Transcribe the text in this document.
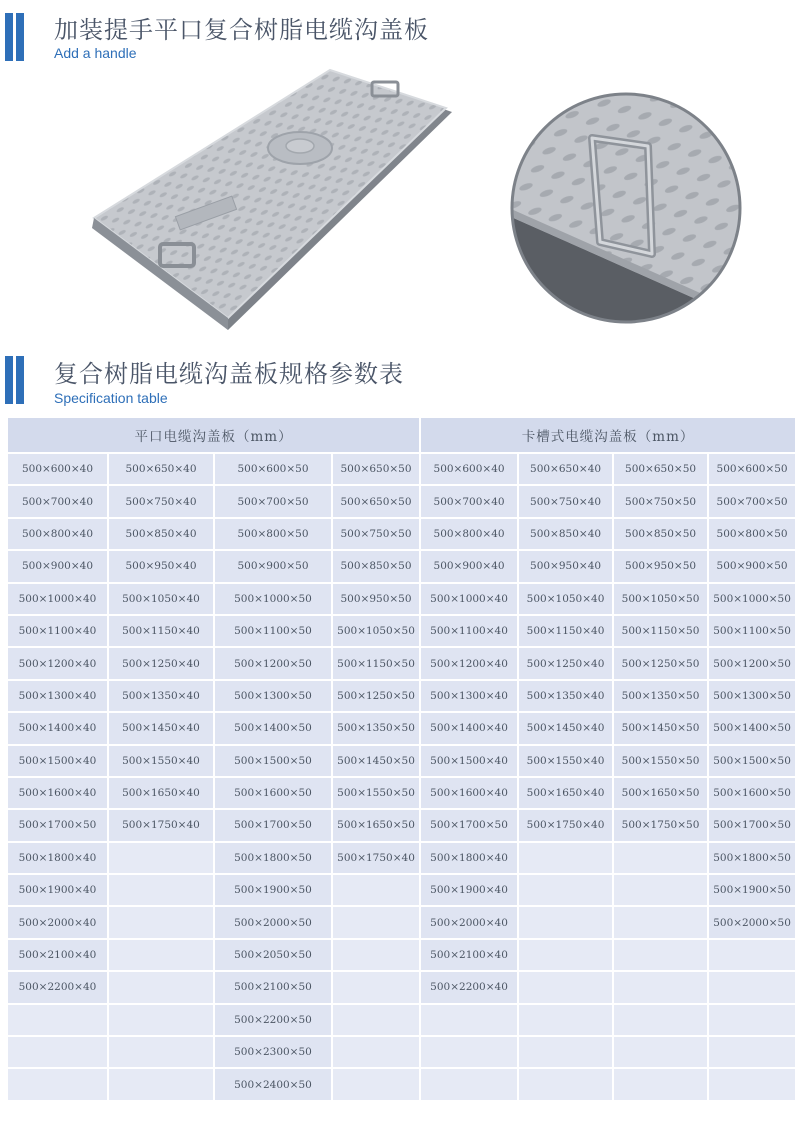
加装提手平口复合树脂电缆沟盖板
Add a handle
复合树脂电缆沟盖板规格参数表
Specification table
平口电缆沟盖板（mm）				卡槽式电缆沟盖板（mm）			
500×600×40	500×650×40	500×600×50	500×650×50	500×600×40	500×650×40	500×650×50	500×600×50
500×700×40	500×750×40	500×700×50	500×650×50	500×700×40	500×750×40	500×750×50	500×700×50
500×800×40	500×850×40	500×800×50	500×750×50	500×800×40	500×850×40	500×850×50	500×800×50
500×900×40	500×950×40	500×900×50	500×850×50	500×900×40	500×950×40	500×950×50	500×900×50
500×1000×40	500×1050×40	500×1000×50	500×950×50	500×1000×40	500×1050×40	500×1050×50	500×1000×50
500×1100×40	500×1150×40	500×1100×50	500×1050×50	500×1100×40	500×1150×40	500×1150×50	500×1100×50
500×1200×40	500×1250×40	500×1200×50	500×1150×50	500×1200×40	500×1250×40	500×1250×50	500×1200×50
500×1300×40	500×1350×40	500×1300×50	500×1250×50	500×1300×40	500×1350×40	500×1350×50	500×1300×50
500×1400×40	500×1450×40	500×1400×50	500×1350×50	500×1400×40	500×1450×40	500×1450×50	500×1400×50
500×1500×40	500×1550×40	500×1500×50	500×1450×50	500×1500×40	500×1550×40	500×1550×50	500×1500×50
500×1600×40	500×1650×40	500×1600×50	500×1550×50	500×1600×40	500×1650×40	500×1650×50	500×1600×50
500×1700×50	500×1750×40	500×1700×50	500×1650×50	500×1700×50	500×1750×40	500×1750×50	500×1700×50
500×1800×40		500×1800×50	500×1750×40	500×1800×40			500×1800×50
500×1900×40		500×1900×50		500×1900×40			500×1900×50
500×2000×40		500×2000×50		500×2000×40			500×2000×50
500×2100×40		500×2050×50		500×2100×40			
500×2200×40		500×2100×50		500×2200×40			
		500×2200×50					
		500×2300×50					
		500×2400×50					
